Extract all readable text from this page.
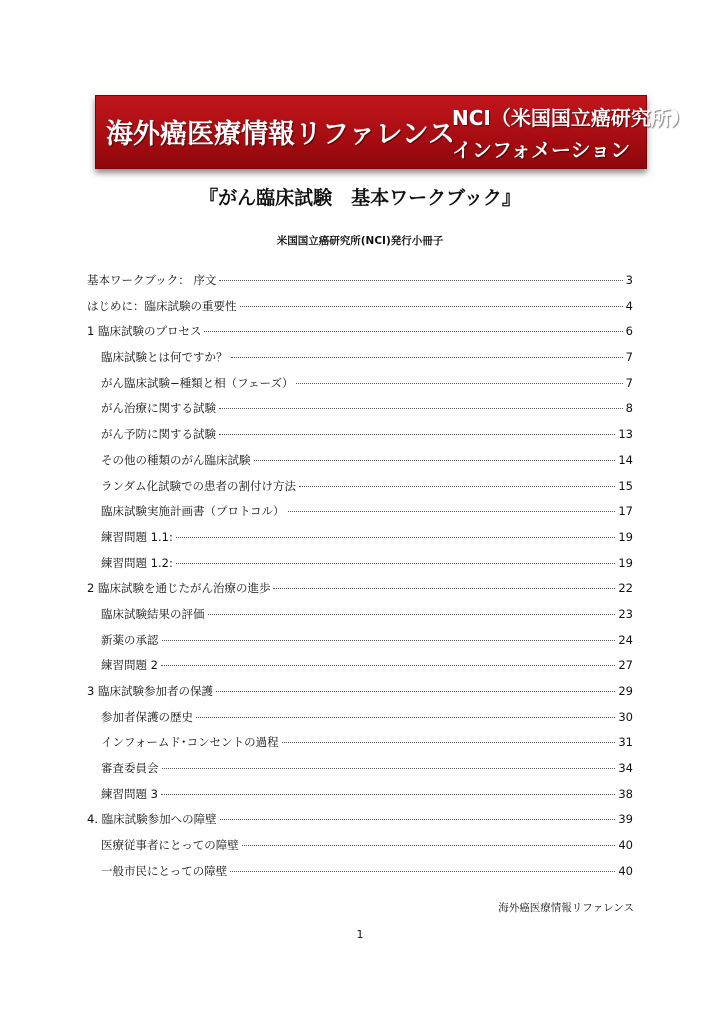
海外癌医療情報リファレンス
NCI（米国国立癌研究所）
インフォメーション
『がん臨床試験　基本ワークブック』
米国国立癌研究所(NCI)発行小冊子
基本ワークブック： 序文	3
はじめに：臨床試験の重要性	4
1 臨床試験のプロセス	6
臨床試験とは何ですか？	7
がん臨床試験−種類と相（フェーズ）	7
がん治療に関する試験	8
がん予防に関する試験	13
その他の種類のがん臨床試験	14
ランダム化試験での患者の割付け方法	15
臨床試験実施計画書（プロトコル）	17
練習問題 1.1:	19
練習問題 1.2:	19
2 臨床試験を通じたがん治療の進歩	22
臨床試験結果の評価	23
新薬の承認	24
練習問題 2	27
3 臨床試験参加者の保護	29
参加者保護の歴史	30
インフォームド･コンセントの過程	31
審査委員会	34
練習問題 3	38
4. 臨床試験参加への障壁	39
医療従事者にとっての障壁	40
一般市民にとっての障壁	40
海外癌医療情報リファレンス
1
